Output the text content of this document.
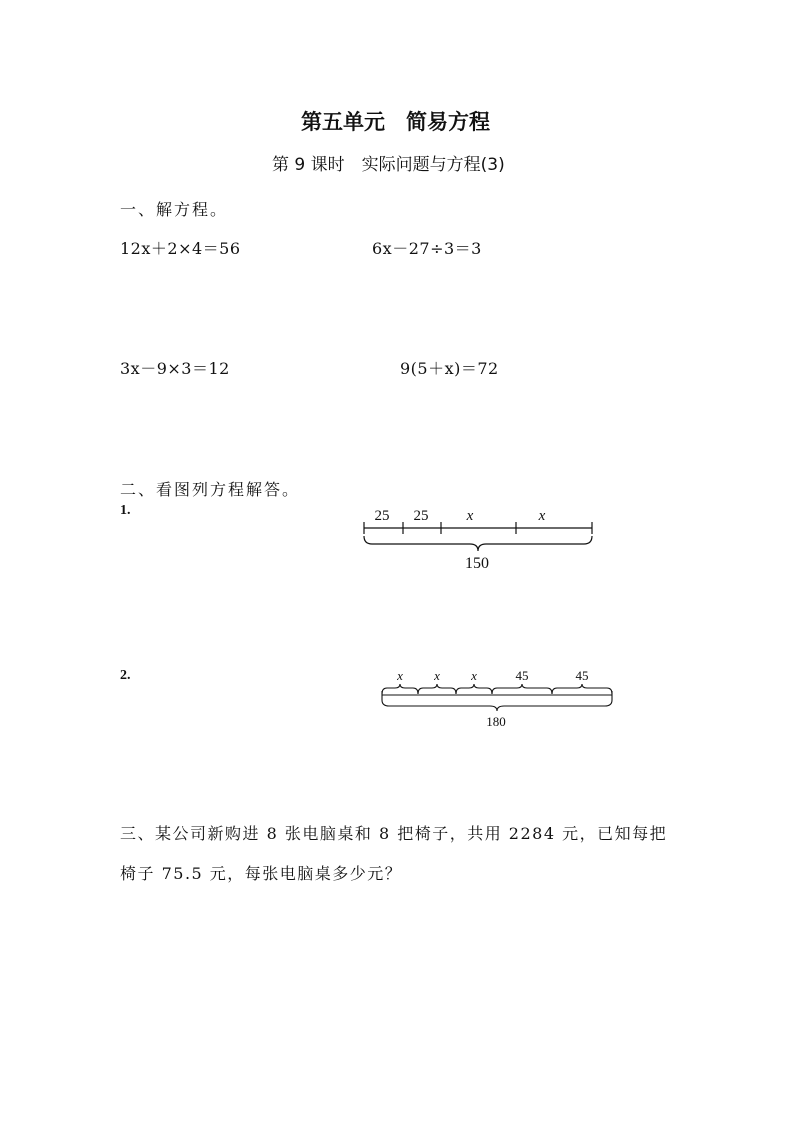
第五单元　简易方程
第 9 课时　实际问题与方程(3)
一、解方程。
12x＋2×4＝56	6x－27÷3＝3
3x－9×3＝12	9(5＋x)＝72
二、看图列方程解答。
1.	25 25	x	x
150
2.	x x x	45	45
180
三、某公司新购进 8 张电脑桌和 8 把椅子，共用 2284 元，已知每把
椅子 75.5 元，每张电脑桌多少元？
